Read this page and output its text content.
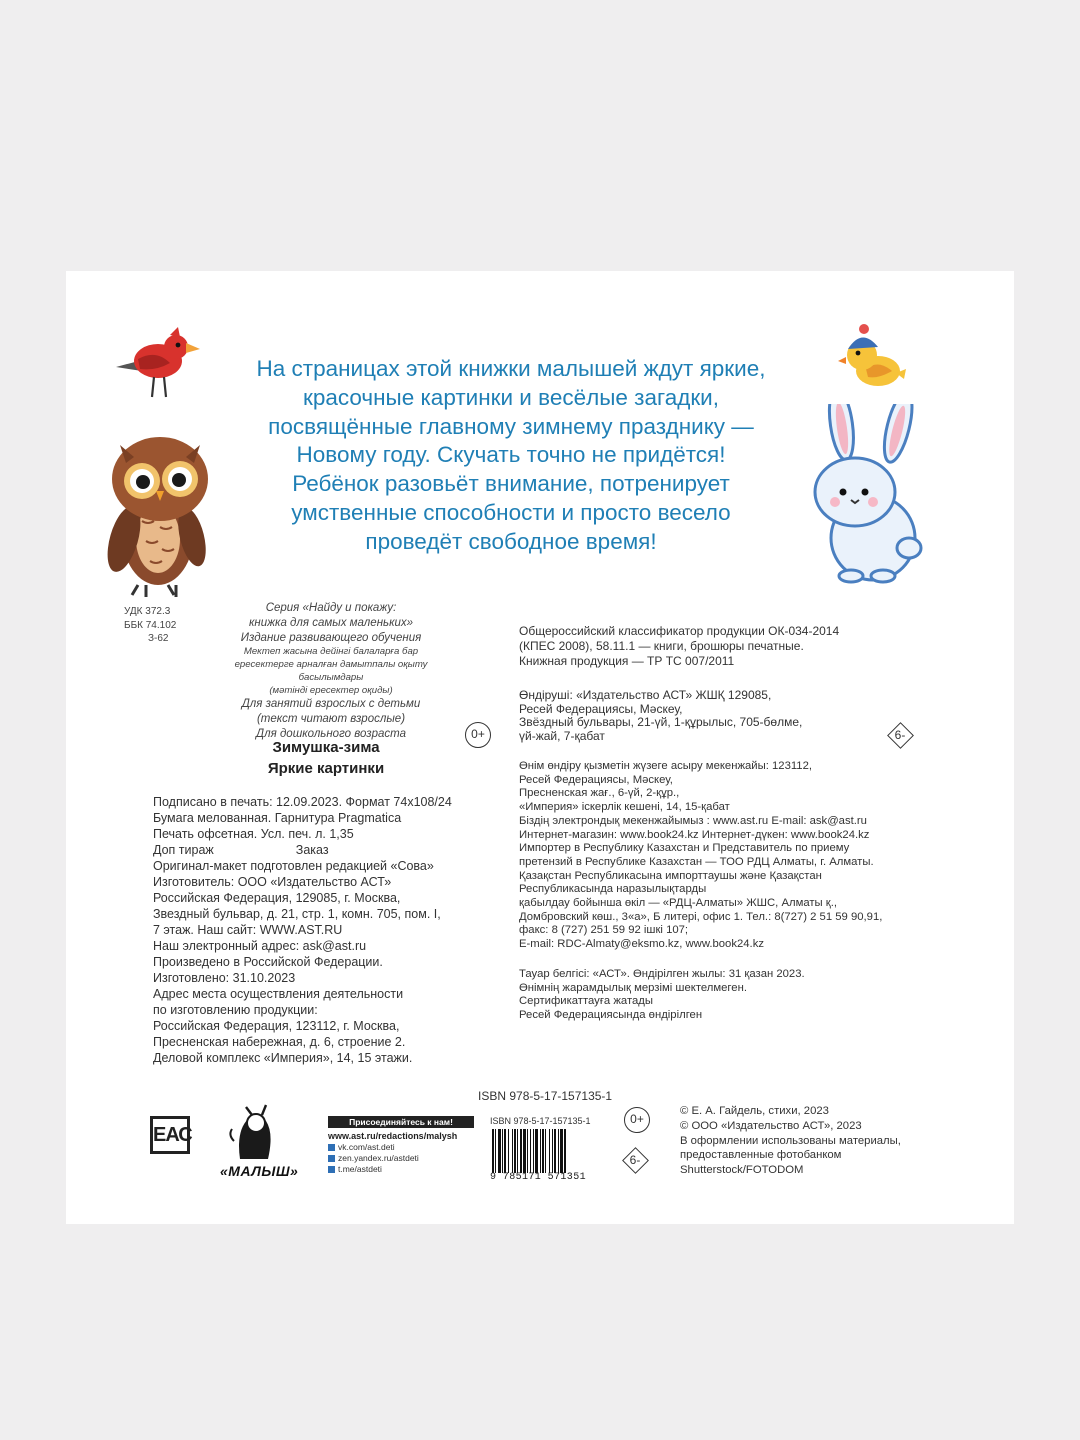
На страницах этой книжки малышей ждут яркие,
красочные картинки и весёлые загадки,
посвящённые главному зимнему празднику —
Новому году. Скучать точно не придётся!
Ребёнок разовьёт внимание, потренирует
умственные способности и просто весело
проведёт свободное время!
УДК 372.3
ББК 74.102
З-62
Серия «Найду и покажу:
книжка для самых маленьких»
Издание развивающего обучения
Мектеп жасына дейінгі балаларға бар
ересектерге арналған дамытпалы оқыту басылымдары
(мәтінді ересектер оқиды)
Для занятий взрослых с детьми
(текст читают взрослые)
Для дошкольного возраста	0+
Зимушка-зима
Яркие картинки
Подписано в печать: 12.09.2023. Формат 74х108/24
Бумага мелованная. Гарнитура Pragmatica
Печать офсетная. Усл. печ. л. 1,35
Доп тираж	Заказ
Оригинал-макет подготовлен редакцией «Сова»
Изготовитель: ООО «Издательство АСТ»
Российская Федерация, 129085, г. Москва,
Звездный бульвар, д. 21, стр. 1, комн. 705, пом. I,
7 этаж. Наш сайт: WWW.AST.RU
Наш электронный адрес: ask@ast.ru
Произведено в Российской Федерации.
Изготовлено: 31.10.2023
Адрес места осуществления деятельности
по изготовлению продукции:
Российская Федерация, 123112, г. Москва,
Пресненская набережная, д. 6, строение 2.
Деловой комплекс «Империя», 14, 15 этажи.
Общероссийский классификатор продукции ОК-034-2014
(КПЕС 2008), 58.11.1 — книги, брошюры печатные.
Книжная продукция — ТР ТС 007/2011
Өндіруші: «Издательство АСТ» ЖШҚ 129085,
Ресей Федерациясы, Мәскеу,
Звёздный бульвары, 21-үй, 1-құрылыс, 705-бөлме,
үй-жай, 7-қабат	6-
Өнім өндіру қызметін жүзеге асыру мекенжайы: 123112,
Ресей Федерациясы, Мәскеу,
Пресненская жағ., 6-үй, 2-құр.,
«Империя» іскерлік кешені, 14, 15-қабат
Біздің электрондық мекенжайымыз : www.ast.ru E-mail: ask@ast.ru
Интернет-магазин: www.book24.kz Интернет-дүкен: www.book24.kz
Импортер в Республику Казахстан и Представитель по приему
претензий в Республике Казахстан — ТОО РДЦ Алматы, г. Алматы.
Қазақстан Республикасына импорттаушы және Қазақстан
Республикасында наразылықтарды
қабылдау бойынша өкіл — «РДЦ-Алматы» ЖШС, Алматы қ.,
Домбровский көш., 3«а», Б литері, офис 1. Тел.: 8(727) 2 51 59 90,91,
факс: 8 (727) 251 59 92 ішкі 107;
E-mail: RDC-Almaty@eksmo.kz, www.book24.kz
Тауар белгісі: «АСТ». Өндірілген жылы: 31 қазан 2023.
Өнімнің жарамдылық мерзімі шектелмеген.
Сертификаттауға жатады
Ресей Федерациясында өндірілген
ISBN 978-5-17-157135-1
ЕАС
«МАЛЫШ»
Присоединяйтесь к нам!
www.ast.ru/redactions/malysh
vk.com/ast.deti
zen.yandex.ru/astdeti
t.me/astdeti
ISBN 978-5-17-157135-1
9 785171 571351
0+
6-
© Е. А. Гайдель, стихи, 2023
© ООО «Издательство АСТ», 2023
В оформлении использованы материалы,
предоставленные фотобанком
Shutterstock/FOTODOM
